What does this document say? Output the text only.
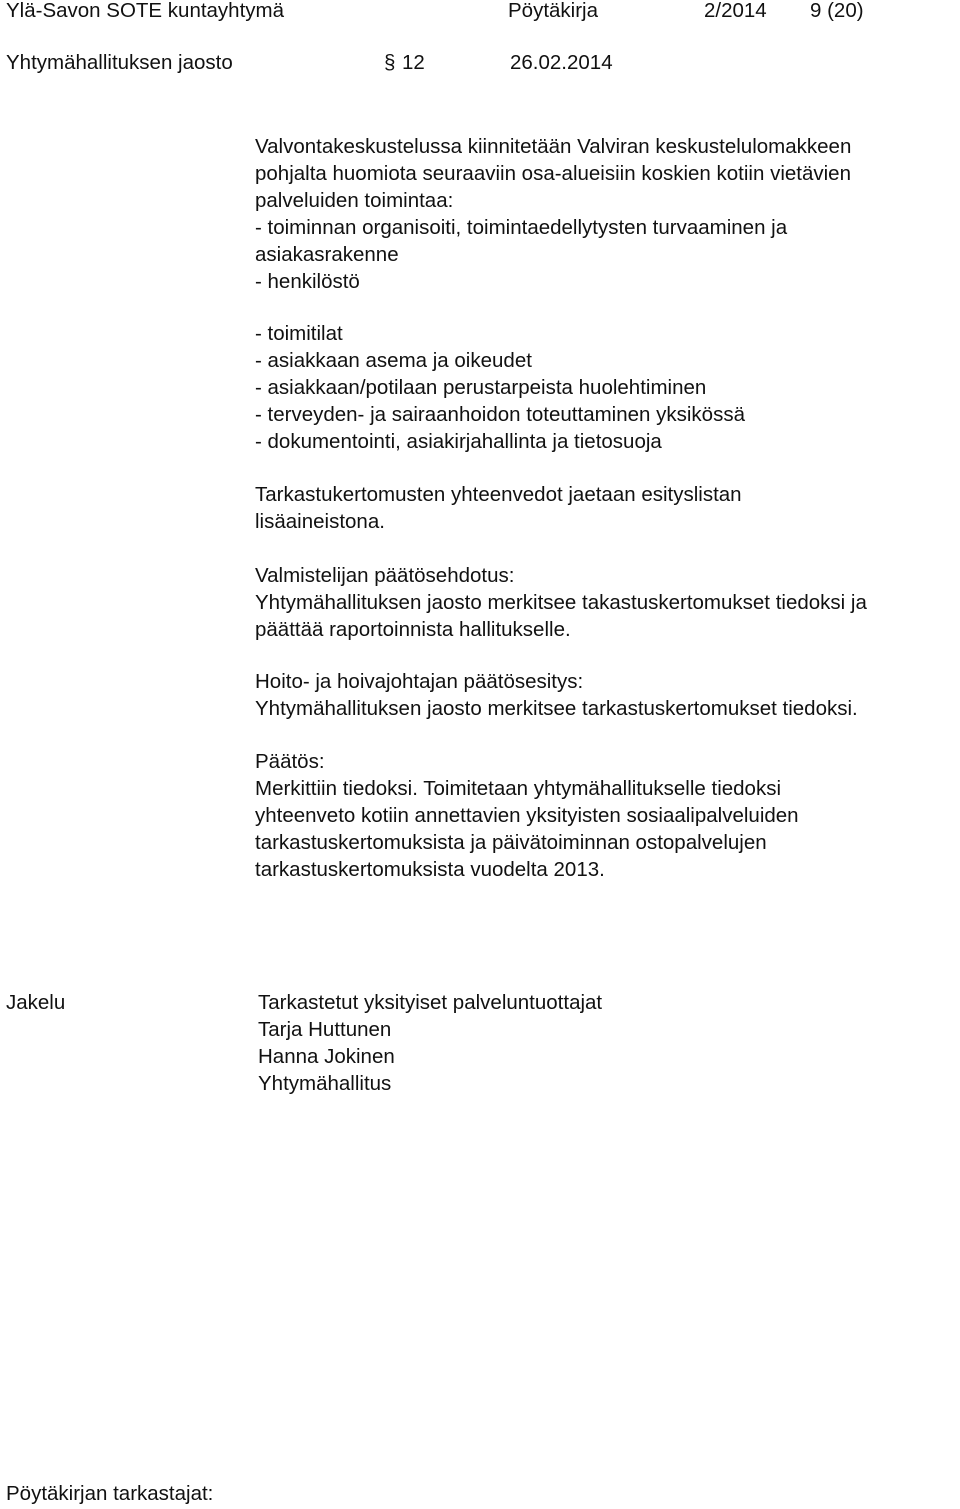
Ylä-Savon SOTE kuntayhtymä	Pöytäkirja	2/2014 9 (20)
Yhtymähallituksen jaosto	§ 12	26.02.2014
Valvontakeskustelussa kiinnitetään Valviran keskustelulomakkeen
pohjalta huomiota seuraaviin osa-alueisiin koskien kotiin vietävien
palveluiden toimintaa:
- toiminnan organisoiti, toimintaedellytysten turvaaminen ja
asiakasrakenne
- henkilöstö
- toimitilat
- asiakkaan asema ja oikeudet
- asiakkaan/potilaan perustarpeista huolehtiminen
- terveyden- ja sairaanhoidon toteuttaminen yksikössä
- dokumentointi, asiakirjahallinta ja tietosuoja
Tarkastukertomusten yhteenvedot jaetaan esityslistan
lisäaineistona.
Valmistelijan päätösehdotus:
Yhtymähallituksen jaosto merkitsee takastuskertomukset tiedoksi ja
päättää raportoinnista hallitukselle.
Hoito- ja hoivajohtajan päätösesitys:
Yhtymähallituksen jaosto merkitsee tarkastuskertomukset tiedoksi.
Päätös:
Merkittiin tiedoksi. Toimitetaan yhtymähallitukselle tiedoksi
yhteenveto kotiin annettavien yksityisten sosiaalipalveluiden
tarkastuskertomuksista ja päivätoiminnan ostopalvelujen
tarkastuskertomuksista vuodelta 2013.
Jakelu	Tarkastetut yksityiset palveluntuottajat
Tarja Huttunen
Hanna Jokinen
Yhtymähallitus
Pöytäkirjan tarkastajat:
